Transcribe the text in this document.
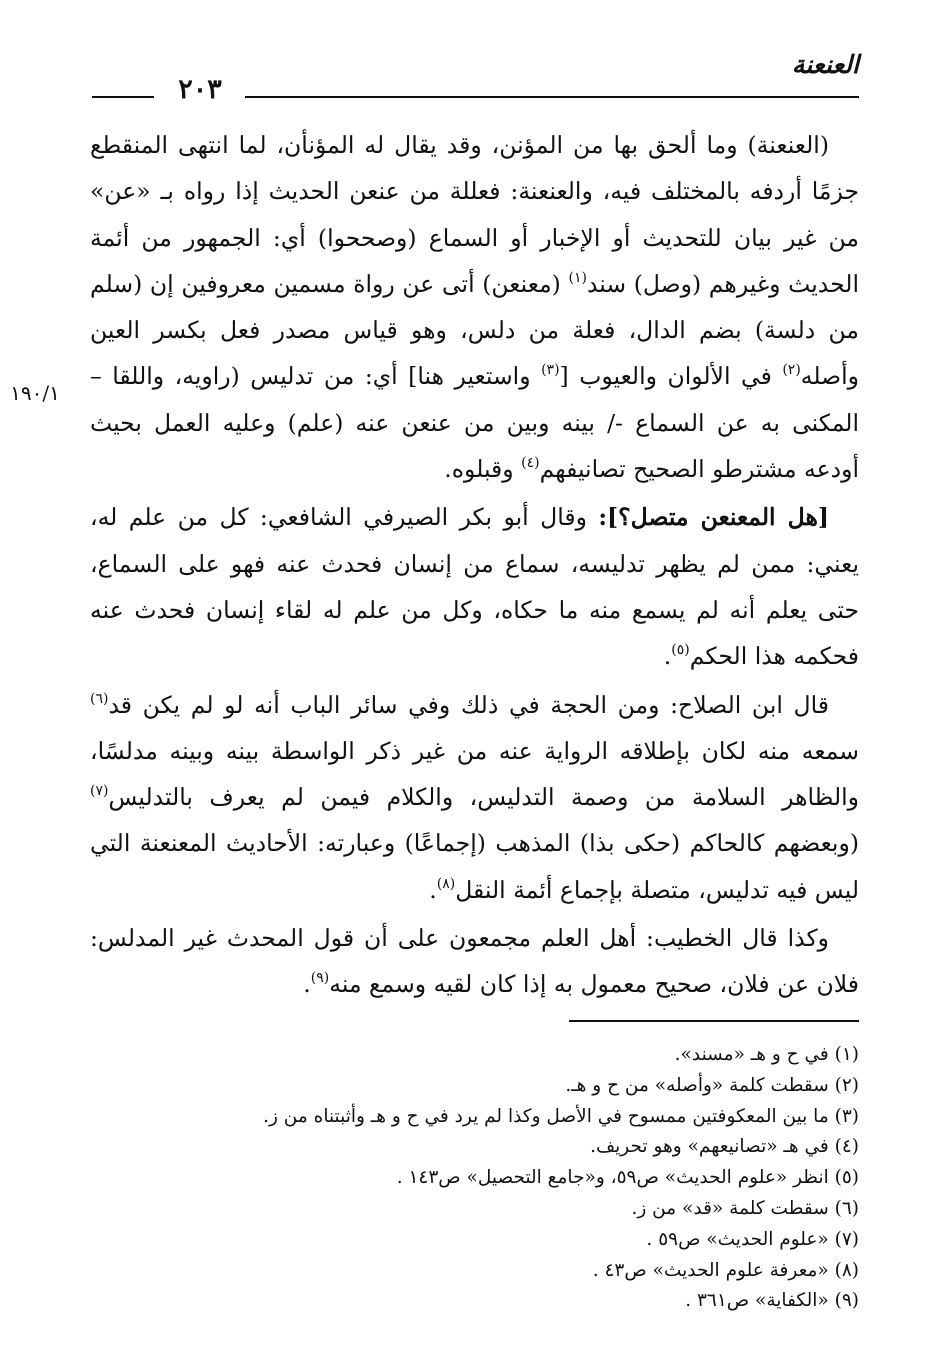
العنعنة
٢٠٣
١٩٠/١

(العنعنة) وما ألحق بها من المؤنن، وقد يقال له المؤنأن، لما انتهى المنقطع جزمًا أردفه بالمختلف فيه، والعنعنة: فعللة من عنعن الحديث إذا رواه بـ «عن» من غير بيان للتحديث أو الإخبار أو السماع (وصححوا) أي: الجمهور من أئمة الحديث وغيرهم (وصل) سند$^{(١)}$ (معنعن) أتى عن رواة مسمين معروفين إن (سلم من دلسة) بضم الدال، فعلة من دلس، وهو قياس مصدر فعل بكسر العين وأصله$^{(٢)}$ في الألوان والعيوب [$^{(٣)}$ واستعير هنا] أي: من تدليس (راويه، واللقا – المكنى به عن السماع -/ بينه وبين من عنعن عنه (علم) وعليه العمل بحيث أودعه مشترطو الصحيح تصانيفهم$^{(٤)}$ وقبلوه.

[هل المعنعن متصل؟]: وقال أبو بكر الصيرفي الشافعي: كل من علم له، يعني: ممن لم يظهر تدليسه، سماع من إنسان فحدث عنه فهو على السماع، حتى يعلم أنه لم يسمع منه ما حكاه، وكل من علم له لقاء إنسان فحدث عنه فحكمه هذا الحكم$^{(٥)}$.

قال ابن الصلاح: ومن الحجة في ذلك وفي سائر الباب أنه لو لم يكن قد$^{(٦)}$ سمعه منه لكان بإطلاقه الرواية عنه من غير ذكر الواسطة بينه وبينه مدلسًا، والظاهر السلامة من وصمة التدليس، والكلام فيمن لم يعرف بالتدليس$^{(٧)}$ (وبعضهم كالحاكم (حكى بذا) المذهب (إجماعًا) وعبارته: الأحاديث المعنعنة التي ليس فيه تدليس، متصلة بإجماع أئمة النقل$^{(٨)}$.

وكذا قال الخطيب: أهل العلم مجمعون على أن قول المحدث غير المدلس: فلان عن فلان، صحيح معمول به إذا كان لقيه وسمع منه$^{(٩)}$.

(١) في ح و هـ «مسند».
(٢) سقطت كلمة «وأصله» من ح و هـ.
(٣) ما بين المعكوفتين ممسوح في الأصل وكذا لم يرد في ح و هـ وأثبتناه من ز.
(٤) في هـ «تصانيعهم» وهو تحريف.
(٥) انظر «علوم الحديث» ص٥٩، و«جامع التحصيل» ص١٤٣ .
(٦) سقطت كلمة «قد» من ز.
(٧) «علوم الحديث» ص٥٩ .
(٨) «معرفة علوم الحديث» ص٤٣ .
(٩) «الكفاية» ص٣٦١ .
